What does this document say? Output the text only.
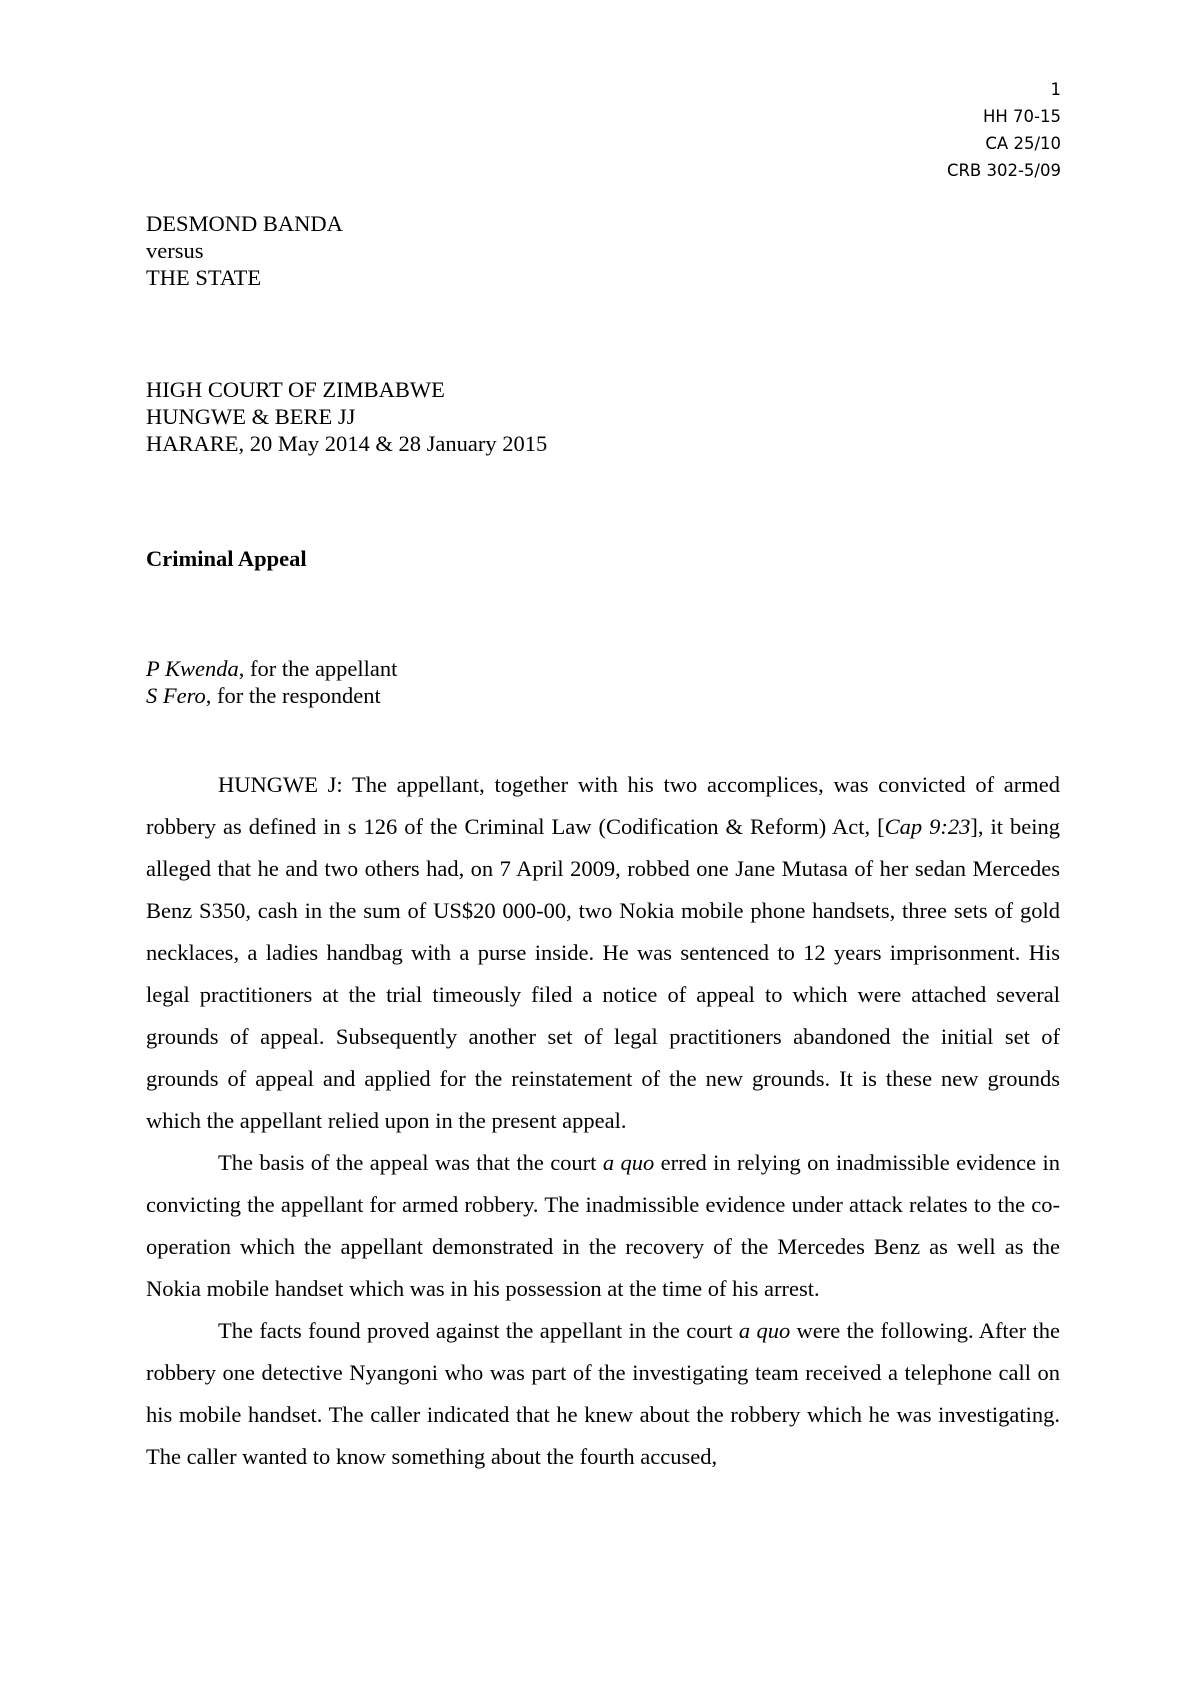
1
HH 70-15
CA 25/10
CRB 302-5/09
DESMOND BANDA
versus
THE STATE
HIGH COURT OF ZIMBABWE
HUNGWE & BERE JJ
HARARE, 20 May 2014 & 28 January 2015
Criminal Appeal
P Kwenda, for the appellant
S Fero, for the respondent

HUNGWE J: The appellant, together with his two accomplices, was convicted of armed robbery as defined in s 126 of the Criminal Law (Codification & Reform) Act, [Cap 9:23], it being alleged that he and two others had, on 7 April 2009, robbed one Jane Mutasa of her sedan Mercedes Benz S350, cash in the sum of US$20 000-00, two Nokia mobile phone handsets, three sets of gold necklaces, a ladies handbag with a purse inside. He was sentenced to 12 years imprisonment. His legal practitioners at the trial timeously filed a notice of appeal to which were attached several grounds of appeal. Subsequently another set of legal practitioners abandoned the initial set of grounds of appeal and applied for the reinstatement of the new grounds. It is these new grounds which the appellant relied upon in the present appeal.

The basis of the appeal was that the court a quo erred in relying on inadmissible evidence in convicting the appellant for armed robbery. The inadmissible evidence under attack relates to the co-operation which the appellant demonstrated in the recovery of the Mercedes Benz as well as the Nokia mobile handset which was in his possession at the time of his arrest.

The facts found proved against the appellant in the court a quo were the following. After the robbery one detective Nyangoni who was part of the investigating team received a telephone call on his mobile handset. The caller indicated that he knew about the robbery which he was investigating. The caller wanted to know something about the fourth accused,
